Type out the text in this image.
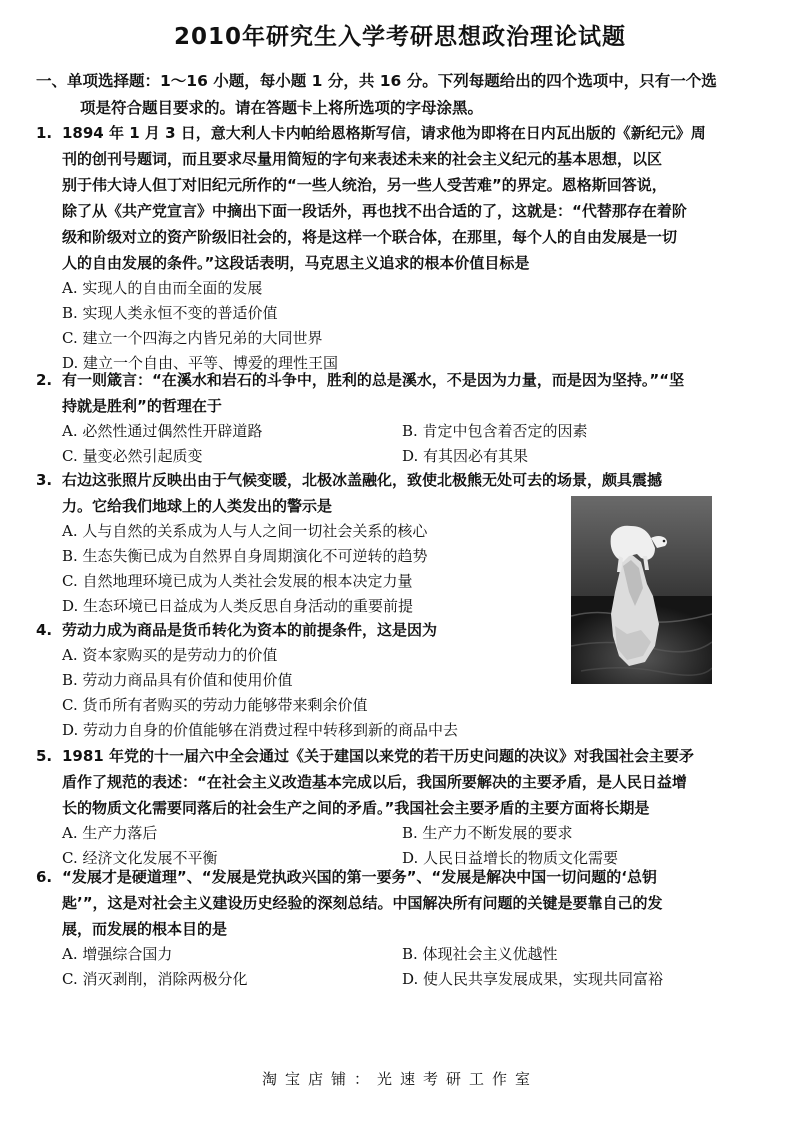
2010年研究生入学考研思想政治理论试题
一、单项选择题：1～16 小题，每小题 1 分，共 16 分。下列每题给出的四个选项中，只有一个选
项是符合题目要求的。请在答题卡上将所选项的字母涂黑。
1. 1894 年 1 月 3 日，意大利人卡内帕给恩格斯写信，请求他为即将在日内瓦出版的《新纪元》周
刊的创刊号题词，而且要求尽量用简短的字句来表述未来的社会主义纪元的基本思想，以区
别于伟大诗人但丁对旧纪元所作的“一些人统治，另一些人受苦难”的界定。恩格斯回答说，
除了从《共产党宣言》中摘出下面一段话外，再也找不出合适的了，这就是：“代替那存在着阶
级和阶级对立的资产阶级旧社会的，将是这样一个联合体，在那里，每个人的自由发展是一切
人的自由发展的条件。”这段话表明，马克思主义追求的根本价值目标是
A. 实现人的自由而全面的发展
B. 实现人类永恒不变的普适价值
C. 建立一个四海之内皆兄弟的大同世界
D. 建立一个自由、平等、博爱的理性王国
2. 有一则箴言：“在溪水和岩石的斗争中，胜利的总是溪水，不是因为力量，而是因为坚持。”“坚
持就是胜利”的哲理在于
A. 必然性通过偶然性开辟道路	B. 肯定中包含着否定的因素
C. 量变必然引起质变	D. 有其因必有其果
3. 右边这张照片反映出由于气候变暖，北极冰盖融化，致使北极熊无处可去的场景，颇具震撼
力。它给我们地球上的人类发出的警示是
A. 人与自然的关系成为人与人之间一切社会关系的核心
B. 生态失衡已成为自然界自身周期演化不可逆转的趋势
C. 自然地理环境已成为人类社会发展的根本决定力量
D. 生态环境已日益成为人类反思自身活动的重要前提
4. 劳动力成为商品是货币转化为资本的前提条件，这是因为
A. 资本家购买的是劳动力的价值
B. 劳动力商品具有价值和使用价值
C. 货币所有者购买的劳动力能够带来剩余价值
D. 劳动力自身的价值能够在消费过程中转移到新的商品中去
5. 1981 年党的十一届六中全会通过《关于建国以来党的若干历史问题的决议》对我国社会主要矛
盾作了规范的表述：“在社会主义改造基本完成以后，我国所要解决的主要矛盾，是人民日益增
长的物质文化需要同落后的社会生产之间的矛盾。”我国社会主要矛盾的主要方面将长期是
A. 生产力落后	B. 生产力不断发展的要求
C. 经济文化发展不平衡	D. 人民日益增长的物质文化需要
6. “发展才是硬道理”、“发展是党执政兴国的第一要务”、“发展是解决中国一切问题的‘总钥
匙’”，这是对社会主义建设历史经验的深刻总结。中国解决所有问题的关键是要靠自己的发
展，而发展的根本目的是
A. 增强综合国力	B. 体现社会主义优越性
C. 消灭剥削，消除两极分化	D. 使人民共享发展成果，实现共同富裕
淘宝店铺：光速考研工作室
